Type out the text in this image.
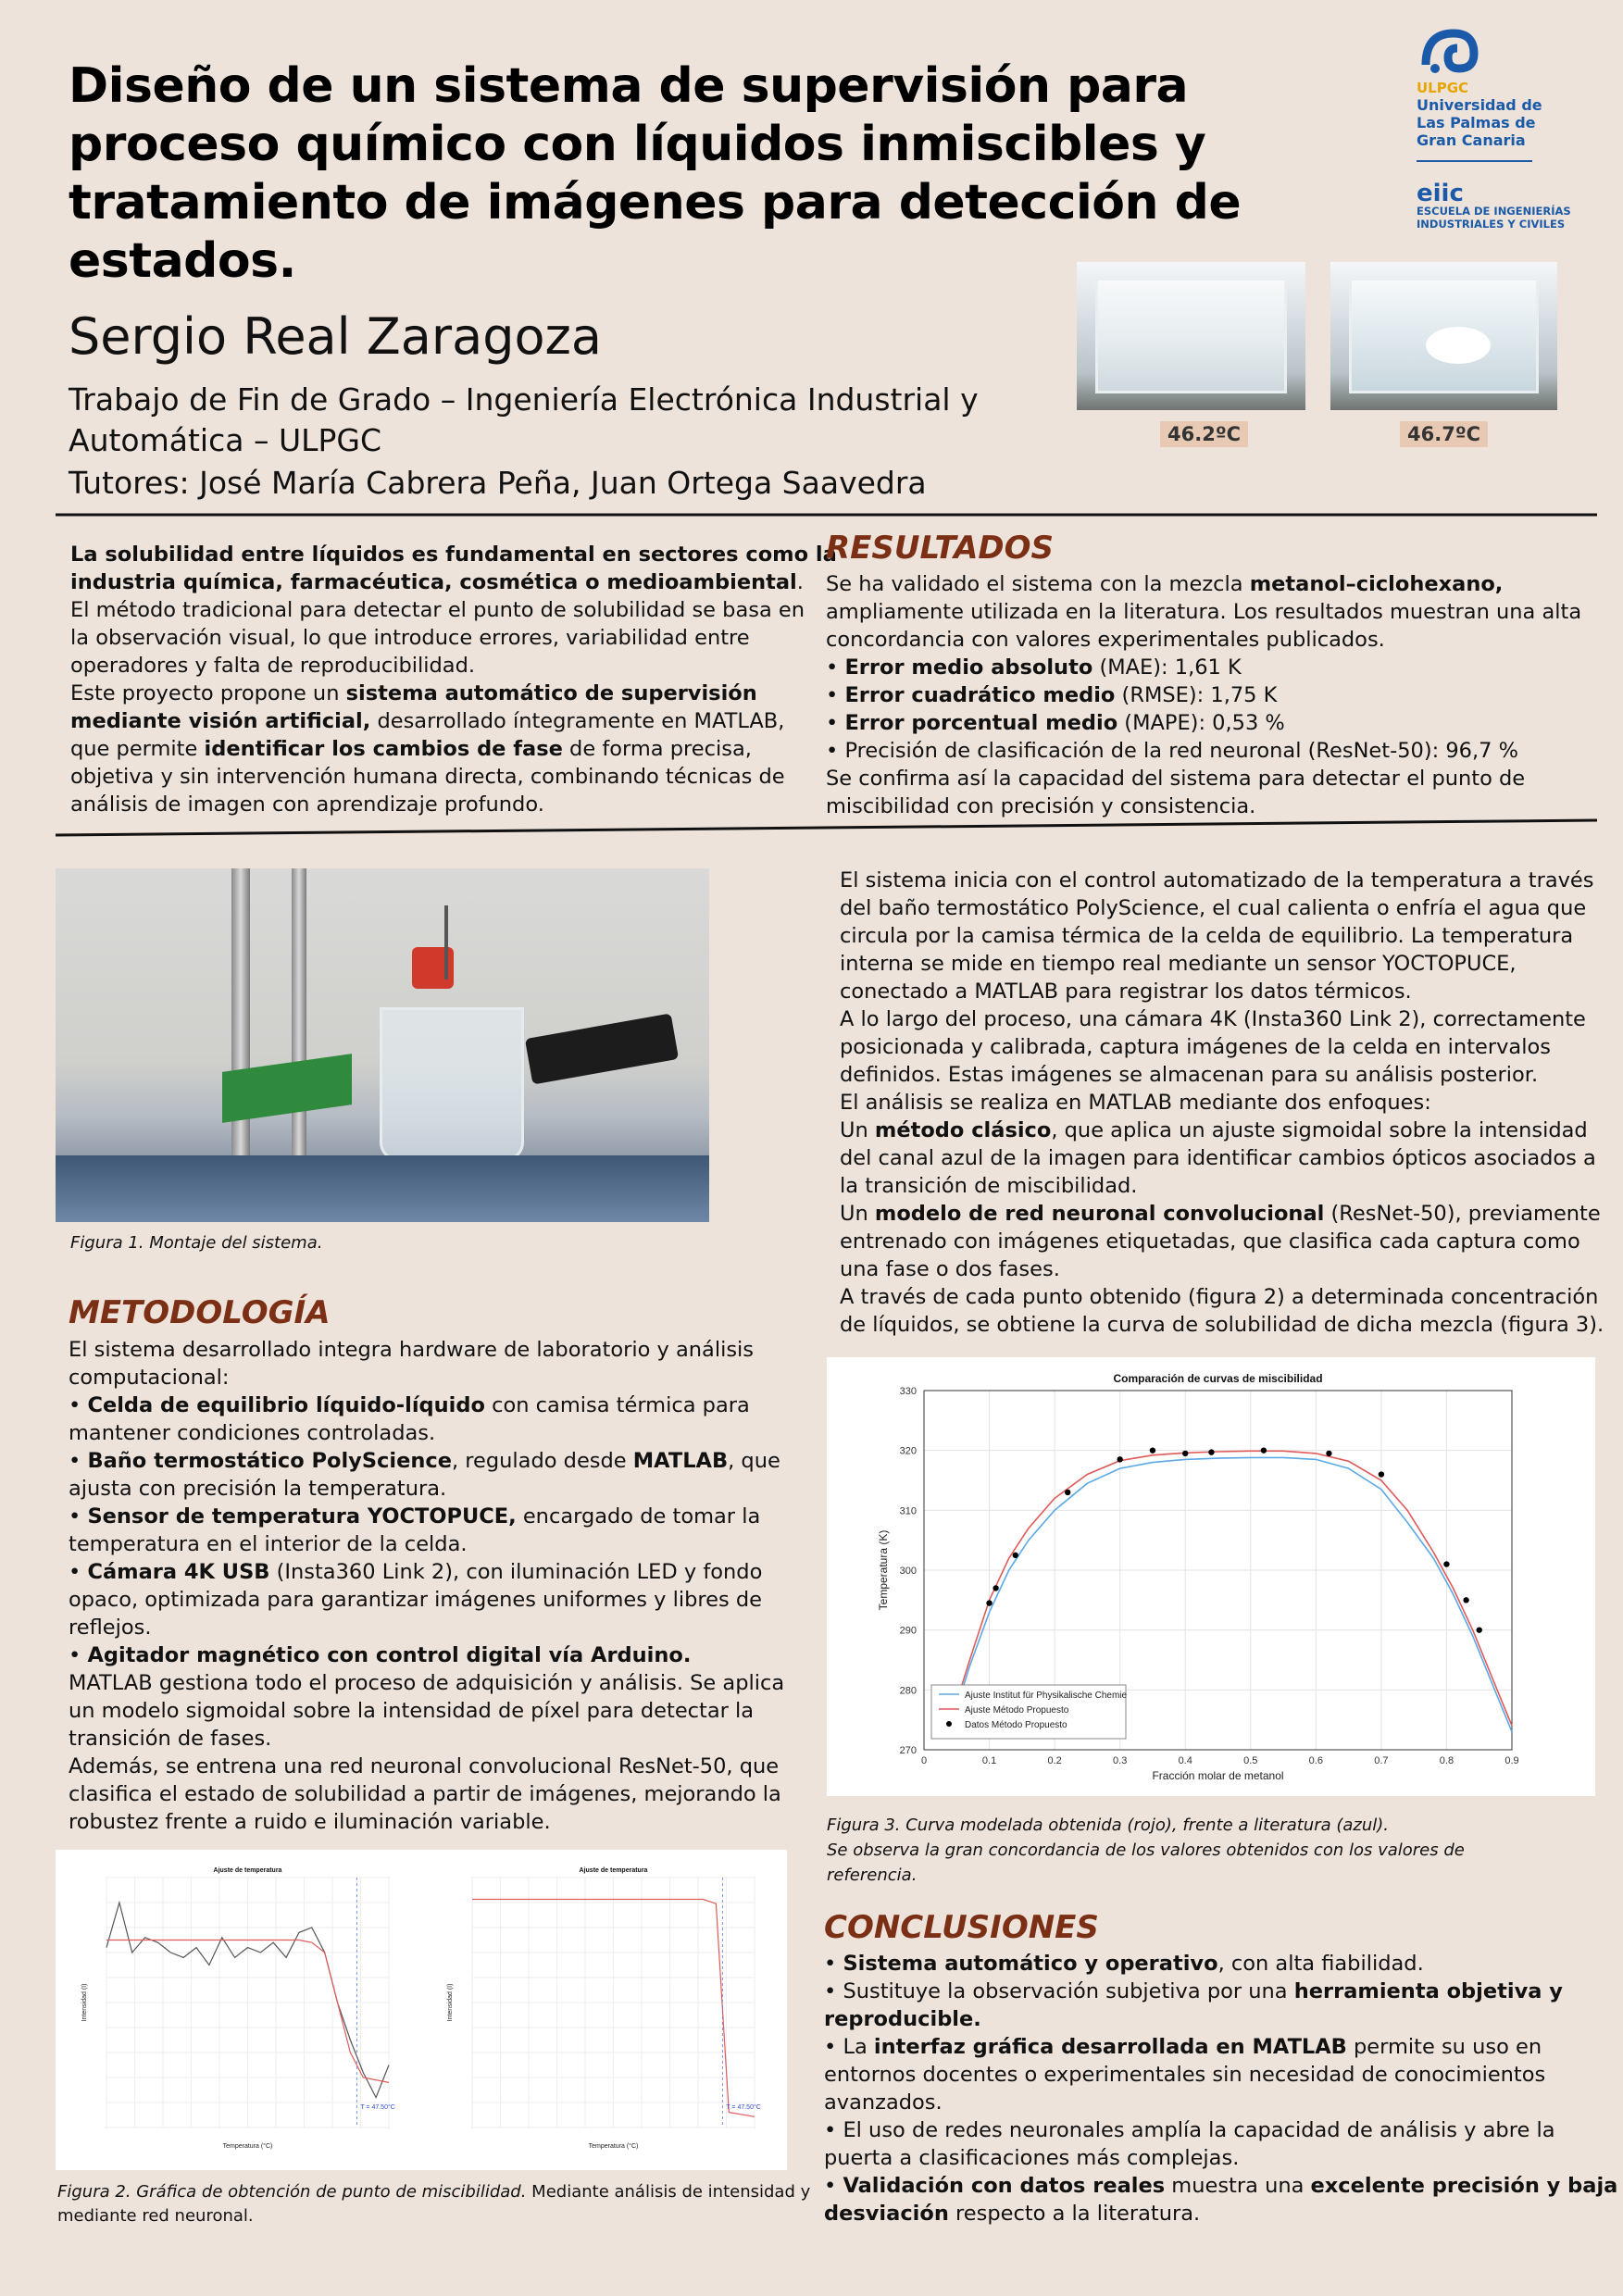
Diseño de un sistema de supervisión para
proceso químico con líquidos inmiscibles y
tratamiento de imágenes para detección de
estados.
Sergio Real Zaragoza
Trabajo de Fin de Grado – Ingeniería Electrónica Industrial y
Automática – ULPGC
Tutores: José María Cabrera Peña, Juan Ortega Saavedra
ULPGC
Universidad de
Las Palmas de
Gran Canaria
eiic
ESCUELA DE INGENIERÍAS
INDUSTRIALES Y CIVILES
46.2ºC	46.7ºC
La solubilidad entre líquidos es fundamental en sectores como la
industria química, farmacéutica, cosmética o medioambiental.
El método tradicional para detectar el punto de solubilidad se basa en
la observación visual, lo que introduce errores, variabilidad entre
operadores y falta de reproducibilidad.
Este proyecto propone un sistema automático de supervisión
mediante visión artificial, desarrollado íntegramente en MATLAB,
que permite identificar los cambios de fase de forma precisa,
objetiva y sin intervención humana directa, combinando técnicas de
análisis de imagen con aprendizaje profundo.
RESULTADOS
Se ha validado el sistema con la mezcla metanol–ciclohexano,
ampliamente utilizada en la literatura. Los resultados muestran una alta
concordancia con valores experimentales publicados.
• Error medio absoluto (MAE): 1,61 K
• Error cuadrático medio (RMSE): 1,75 K
• Error porcentual medio (MAPE): 0,53 %
• Precisión de clasificación de la red neuronal (ResNet-50): 96,7 %
Se confirma así la capacidad del sistema para detectar el punto de
miscibilidad con precisión y consistencia.
Figura 1. Montaje del sistema.
METODOLOGÍA
El sistema desarrollado integra hardware de laboratorio y análisis
computacional:
• Celda de equilibrio líquido-líquido con camisa térmica para
mantener condiciones controladas.
• Baño termostático PolyScience, regulado desde MATLAB, que
ajusta con precisión la temperatura.
• Sensor de temperatura YOCTOPUCE, encargado de tomar la
temperatura en el interior de la celda.
• Cámara 4K USB (Insta360 Link 2), con iluminación LED y fondo
opaco, optimizada para garantizar imágenes uniformes y libres de
reflejos.
• Agitador magnético con control digital vía Arduino.
MATLAB gestiona todo el proceso de adquisición y análisis. Se aplica
un modelo sigmoidal sobre la intensidad de píxel para detectar la
transición de fases.
Además, se entrena una red neuronal convolucional ResNet-50, que
clasifica el estado de solubilidad a partir de imágenes, mejorando la
robustez frente a ruido e iluminación variable.
El sistema inicia con el control automatizado de la temperatura a través
del baño termostático PolyScience, el cual calienta o enfría el agua que
circula por la camisa térmica de la celda de equilibrio. La temperatura
interna se mide en tiempo real mediante un sensor YOCTOPUCE,
conectado a MATLAB para registrar los datos térmicos.
A lo largo del proceso, una cámara 4K (Insta360 Link 2), correctamente
posicionada y calibrada, captura imágenes de la celda en intervalos
definidos. Estas imágenes se almacenan para su análisis posterior.
El análisis se realiza en MATLAB mediante dos enfoques:
Un método clásico, que aplica un ajuste sigmoidal sobre la intensidad
del canal azul de la imagen para identificar cambios ópticos asociados a
la transición de miscibilidad.
Un modelo de red neuronal convolucional (ResNet-50), previamente
entrenado con imágenes etiquetadas, que clasifica cada captura como
una fase o dos fases.
A través de cada punto obtenido (figura 2) a determinada concentración
de líquidos, se obtiene la curva de solubilidad de dicha mezcla (figura 3).
0	0.1	0.2	0.3	0.4	0.5	0.6	0.7	0.8	0.9
270
280
290
300
310
320
330
Comparación de curvas de miscibilidad
Fracción molar de metanol
Temperatura (K)
Ajuste Institut für Physikalische Chemie
Ajuste Método Propuesto
Datos Método Propuesto
Figura 3. Curva modelada obtenida (rojo), frente a literatura (azul).
Se observa la gran concordancia de los valores obtenidos con los valores de
referencia.
CONCLUSIONES
• Sistema automático y operativo, con alta fiabilidad.
• Sustituye la observación subjetiva por una herramienta objetiva y
reproducible.
• La interfaz gráfica desarrollada en MATLAB permite su uso en
entornos docentes o experimentales sin necesidad de conocimientos
avanzados.
• El uso de redes neuronales amplía la capacidad de análisis y abre la
puerta a clasificaciones más complejas.
• Validación con datos reales muestra una excelente precisión y baja
desviación respecto a la literatura.
Ajuste de temperatura
Temperatura (°C)
Intensidad (I)
T = 47.50°C
Ajuste de temperatura
Temperatura (°C)
Intensidad (I)
T = 47.50°C
Figura 2. Gráfica de obtención de punto de miscibilidad. Mediante análisis de intensidad y
mediante red neuronal.
